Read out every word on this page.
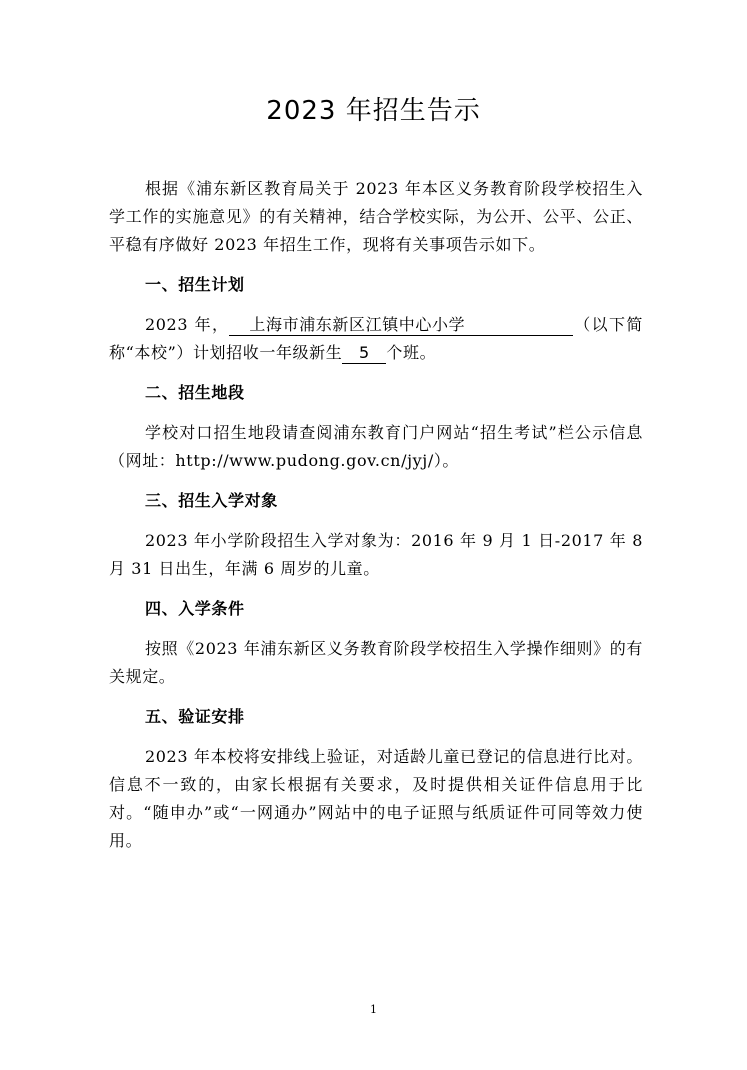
2023 年招生告示

根据《浦东新区教育局关于 2023 年本区义务教育阶段学校招生入学工作的实施意见》的有关精神，结合学校实际，为公开、公平、公正、平稳有序做好 2023 年招生工作，现将有关事项告示如下。

一、招生计划

2023 年， 上海市浦东新区江镇中心小学	（以下简称“本校”）计划招收一年级新生 5 个班。

二、招生地段

学校对口招生地段请查阅浦东教育门户网站“招生考试”栏公示信息（网址：http://www.pudong.gov.cn/jyj/）。

三、招生入学对象

2023 年小学阶段招生入学对象为：2016 年 9 月 1 日-2017 年 8 月 31 日出生，年满 6 周岁的儿童。

四、入学条件

按照《2023 年浦东新区义务教育阶段学校招生入学操作细则》的有关规定。

五、验证安排

2023 年本校将安排线上验证，对适龄儿童已登记的信息进行比对。信息不一致的，由家长根据有关要求，及时提供相关证件信息用于比对。“随申办”或“一网通办”网站中的电子证照与纸质证件可同等效力使用。

1
